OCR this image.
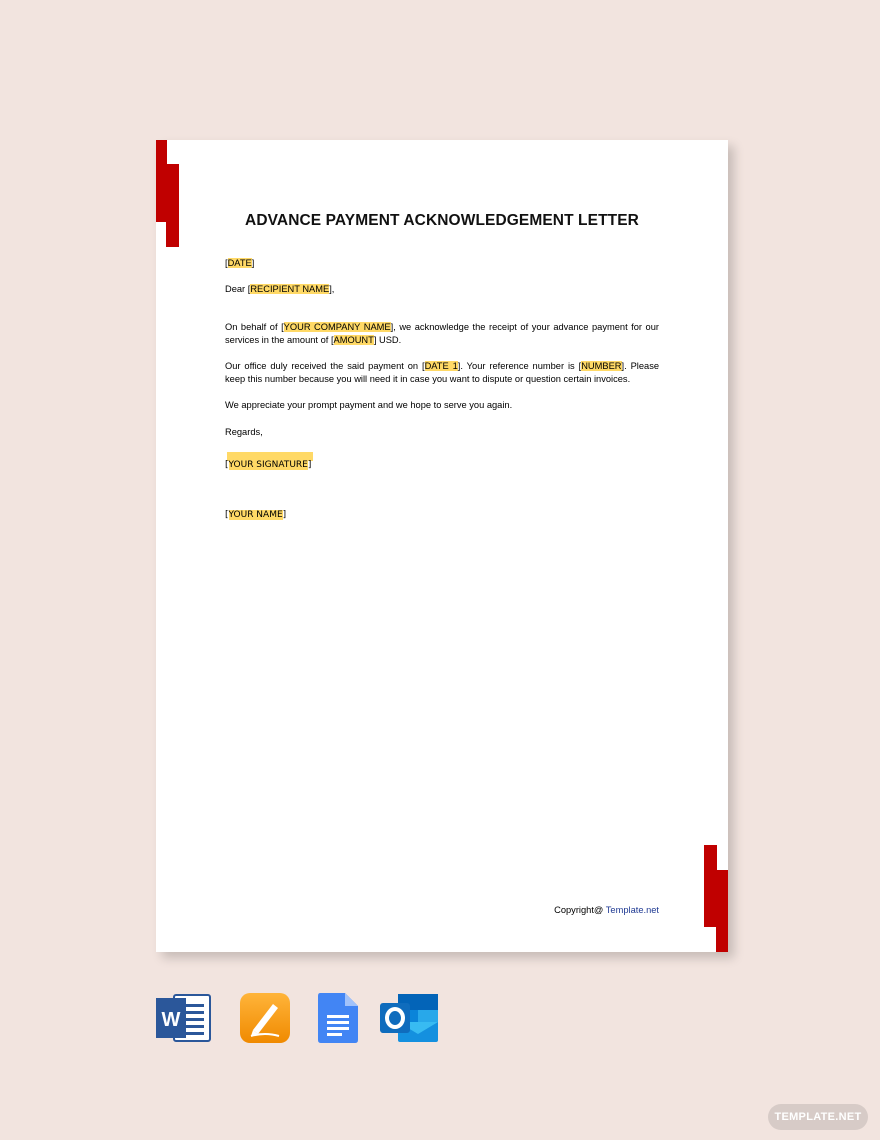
ADVANCE PAYMENT ACKNOWLEDGEMENT LETTER

[DATE]

Dear [RECIPIENT NAME],

On behalf of [YOUR COMPANY NAME], we acknowledge the receipt of your advance payment for our services in the amount of [AMOUNT] USD.

Our office duly received the said payment on [DATE 1]. Your reference number is [NUMBER]. Please keep this number because you will need it in case you want to dispute or question certain invoices.

We appreciate your prompt payment and we hope to serve you again.

Regards,

[YOUR SIGNATURE]

[YOUR NAME]

Copyright@ Template.net
W
TEMPLATE.NET
